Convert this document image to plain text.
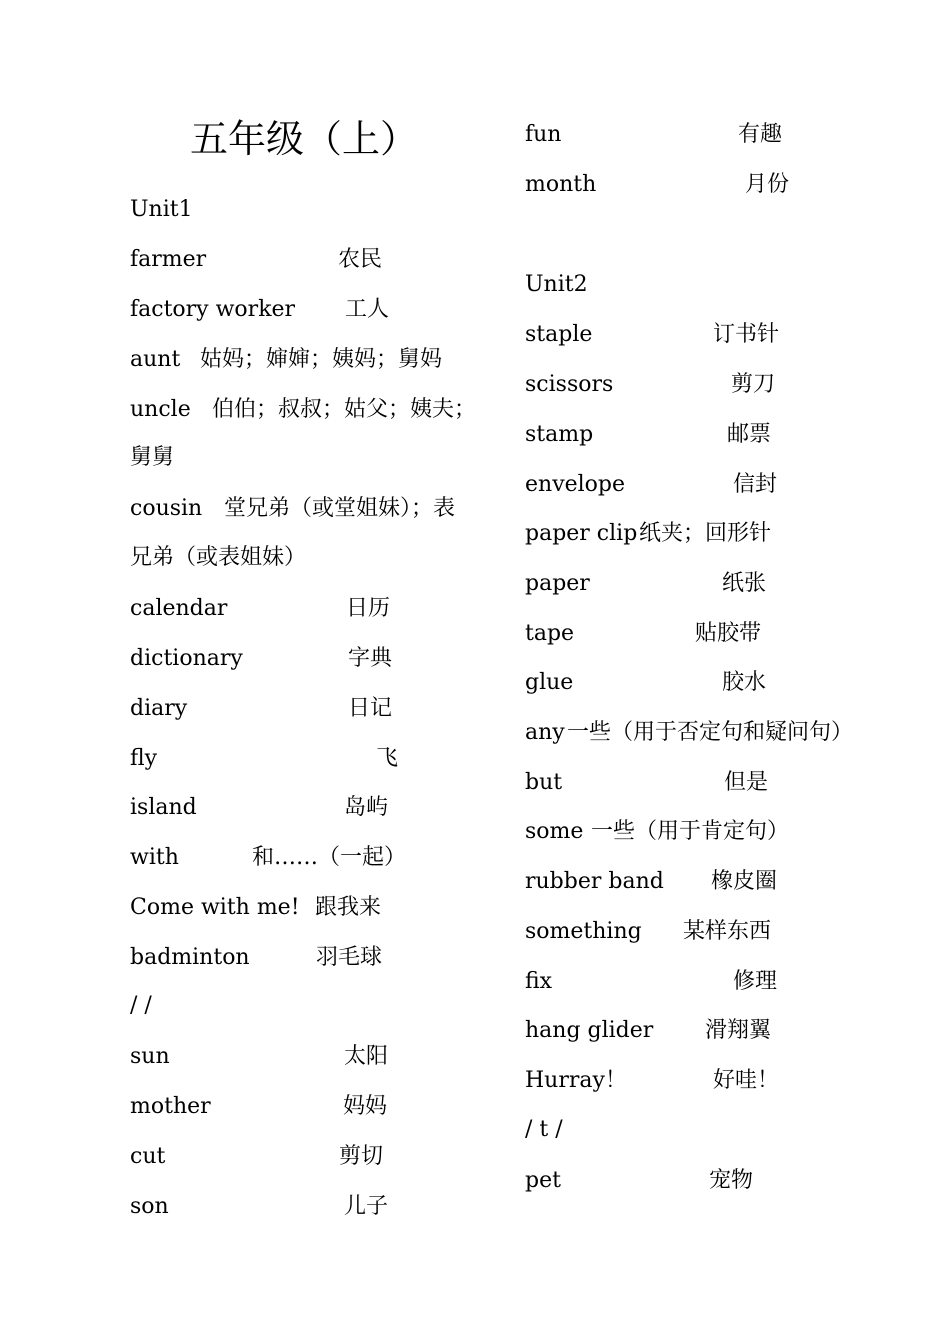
五年级（上）
Unit1
farmer	农民
factory worker 工人
aunt 姑妈；婶婶；姨妈；舅妈
uncle 伯伯；叔叔；姑父；姨夫；
舅舅
cousin 堂兄弟（或堂姐妹）；表
兄弟（或表姐妹）
calendar	日历
dictionary	字典
diary	日记
fly	飞
island	岛屿
with	和……（一起）
Come with me! 跟我来
badminton	羽毛球
/ /
sun	太阳
mother	妈妈
cut	剪切
son	儿子
fun	有趣
month	月份
Unit2
staple	订书针
scissors	剪刀
stamp	邮票
envelope	信封
paper clip 纸夹；回形针
paper	纸张
tape	贴胶带
glue	胶水
any 一些（用于否定句和疑问句）
but	但是
some 一些（用于肯定句）
rubber band 橡皮圈
something 某样东西
fix	修理
hang glider 滑翔翼
Hurray！	好哇！
/ t /
pet	宠物
